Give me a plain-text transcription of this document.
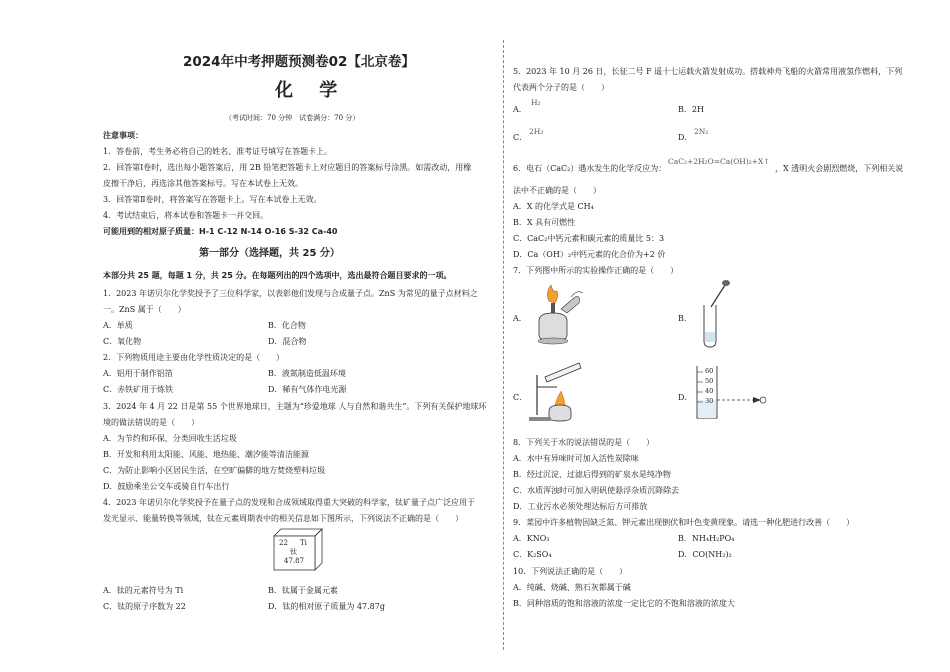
2024年中考押题预测卷02【北京卷】
化 学
（考试时间：70 分钟　试卷满分：70 分）
注意事项：
1．答卷前，考生务必将自己的姓名、准考证号填写在答题卡上。
2．回答第Ⅰ卷时，选出每小题答案后，用 2B 铅笔把答题卡上对应题目的答案标号涂黑。如需改动，用橡
皮擦干净后，再选涂其他答案标号。写在本试卷上无效。
3．回答第Ⅱ卷时，将答案写在答题卡上。写在本试卷上无效。
4．考试结束后，将本试卷和答题卡一并交回。
可能用到的相对原子质量：H-1 C-12 N-14 O-16 S-32 Ca-40
第一部分（选择题，共 25 分）
本部分共 25 题，每题 1 分，共 25 分。在每题列出的四个选项中，选出最符合题目要求的一项。
1．2023 年诺贝尔化学奖授予了三位科学家，以表彰他们发现与合成量子点。ZnS 为常见的量子点材料之
一。ZnS 属于（　　）
A．单质	B．化合物
C．氧化物	D．混合物
2．下列物质用途主要由化学性质决定的是（　　）
A．铝用于制作铝箔	B．液氮制造低温环境
C．赤铁矿用于炼铁	D．稀有气体作电光源
3．2024 年 4 月 22 日是第 55 个世界地球日，主题为“珍爱地球 人与自然和谐共生”。下列有关保护地球环
境的做法错误的是（　　）
A．为节约和环保，分类回收生活垃圾
B．开发和利用太阳能、风能、地热能、潮汐能等清洁能源
C．为防止影响小区居民生活，在空旷偏僻的地方焚烧塑料垃圾
D．鼓励乘坐公交车或骑自行车出行
4．2023 年诺贝尔化学奖授予在量子点的发现和合成领域取得重大突破的科学家，钛矿量子点广泛应用于
发光显示、能量转换等领域，钛在元素周期表中的相关信息如下图所示，下列说法不正确的是（　　）
22 Ti
钛
47.87
A．钛的元素符号为 Ti	B．钛属于金属元素
C．钛的原子序数为 22	D．钛的相对原子质量为 47.87g
5．2023 年 10 月 26 日，长征二号 F 遥十七运载火箭发射成功。搭载神舟飞船的火箭常用液氢作燃料，下列
代表两个分子的是（　　）
A．
H₂
B．2H
C．
2H₂
D．
2N₂
6．电石（CaC₂）遇水发生的化学反应为：
CaC₂+2H₂O=Ca(OH)₂+X↑
，X 透明火会剧烈燃烧，下列相关说
法中不正确的是（　　）
A．X 的化学式是 CH₄
B．X 具有可燃性
C．CaC₂中钙元素和碳元素的质量比 5：3
D．Ca（OH）₂中钙元素的化合价为+2 价
7．下列图中所示的实验操作正确的是（　　）
A．	B．
C．	D．
60
50
40
30
8．下列关于水的说法错误的是（　　）
A．水中有异味时可加入活性炭除味
B．经过沉淀、过滤后得到的矿泉水是纯净物
C．水质浑浊时可加入明矾使悬浮杂质沉降除去
D．工业污水必须处理达标后方可排放
9．菜园中许多植物因缺乏氮、钾元素出现倒伏和叶色变黄现象。请选一种化肥进行改善（　　）
A．KNO₃	B．NH₄H₂PO₄
C．K₂SO₄	D．CO(NH₂)₂
10．下列说法正确的是（　　）
A．纯碱、烧碱、熟石灰都属于碱
B．同种溶质的饱和溶液的浓度一定比它的不饱和溶液的浓度大
